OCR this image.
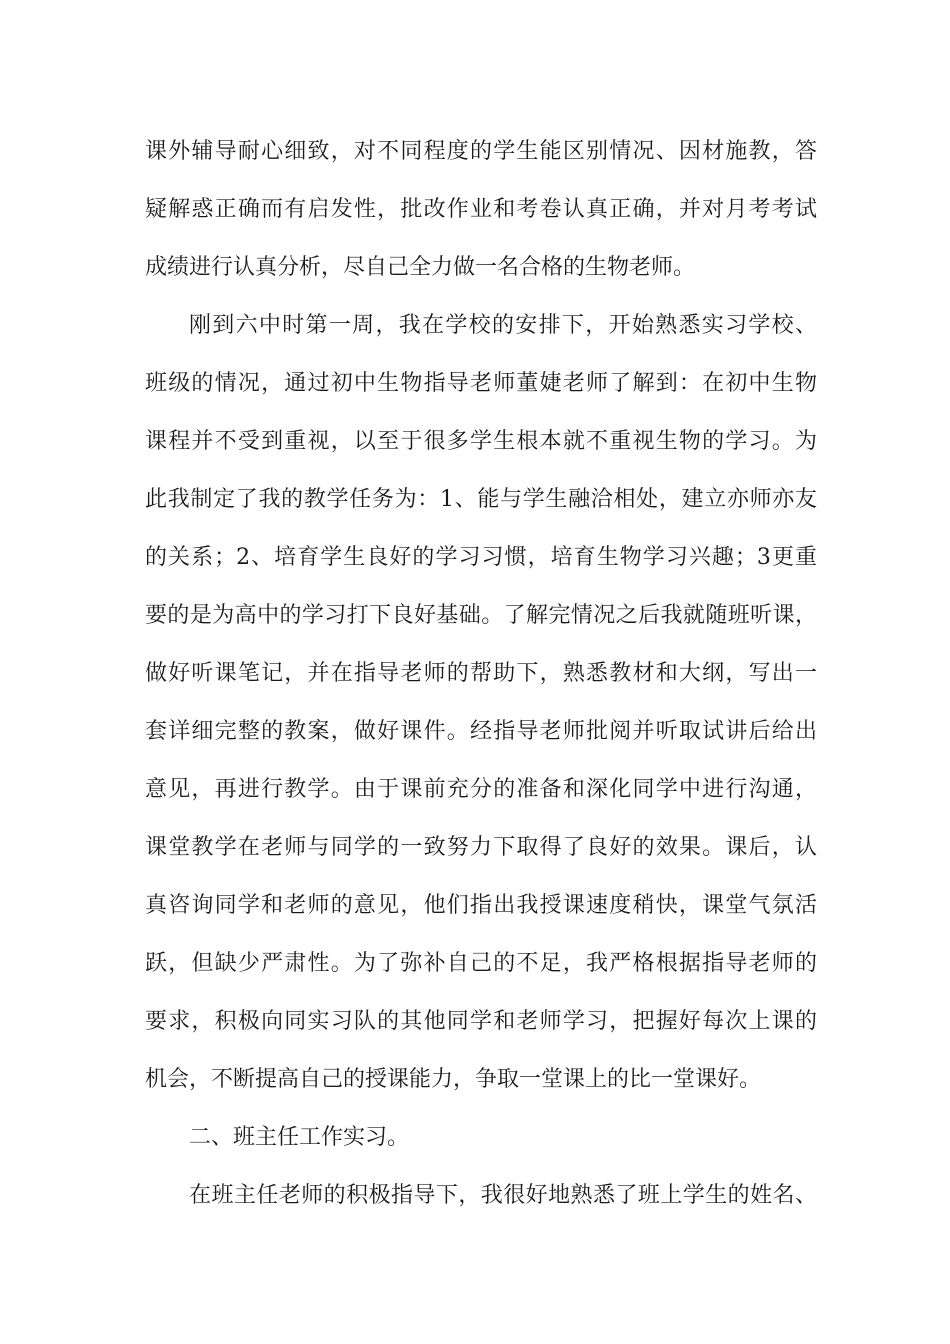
课外辅导耐心细致，对不同程度的学生能区别情况、因材施教，答
疑解惑正确而有启发性，批改作业和考卷认真正确，并对月考考试
成绩进行认真分析，尽自己全力做一名合格的生物老师。
刚到六中时第一周，我在学校的安排下，开始熟悉实习学校、
班级的情况，通过初中生物指导老师董婕老师了解到：在初中生物
课程并不受到重视，以至于很多学生根本就不重视生物的学习。为
此我制定了我的教学任务为：1、能与学生融洽相处，建立亦师亦友
的关系；2、培育学生良好的学习习惯，培育生物学习兴趣；3更重
要的是为高中的学习打下良好基础。了解完情况之后我就随班听课，
做好听课笔记，并在指导老师的帮助下，熟悉教材和大纲，写出一
套详细完整的教案，做好课件。经指导老师批阅并听取试讲后给出
意见，再进行教学。由于课前充分的准备和深化同学中进行沟通，
课堂教学在老师与同学的一致努力下取得了良好的效果。课后，认
真咨询同学和老师的意见，他们指出我授课速度稍快，课堂气氛活
跃，但缺少严肃性。为了弥补自己的不足，我严格根据指导老师的
要求，积极向同实习队的其他同学和老师学习，把握好每次上课的
机会，不断提高自己的授课能力，争取一堂课上的比一堂课好。
二、班主任工作实习。
在班主任老师的积极指导下，我很好地熟悉了班上学生的姓名、
